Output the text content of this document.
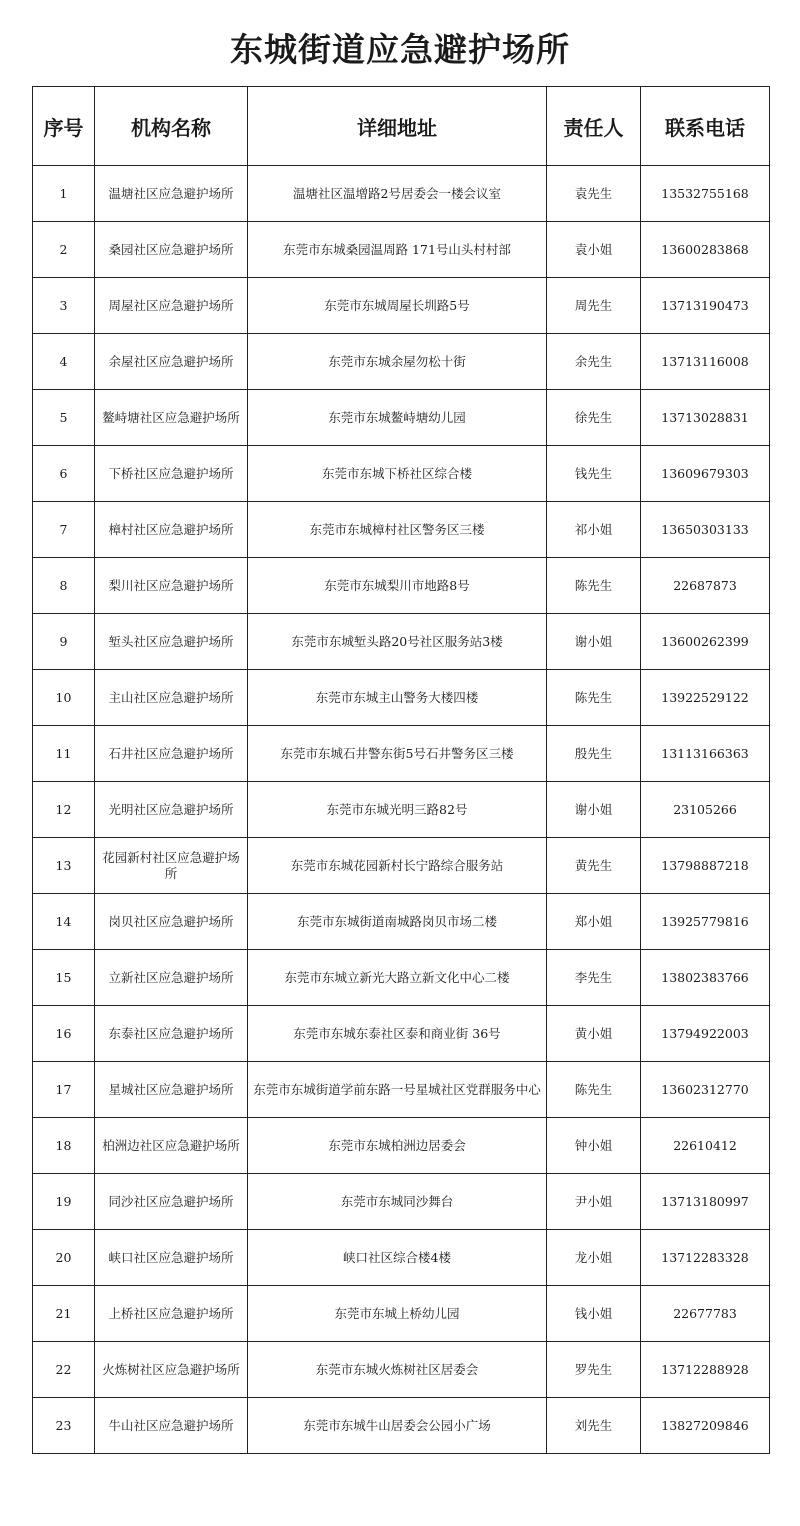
东城街道应急避护场所
序号	机构名称	详细地址	责任人	联系电话
1	温塘社区应急避护场所	温塘社区温增路2号居委会一楼会议室	袁先生	13532755168
2	桑园社区应急避护场所	东莞市东城桑园温周路 171号山头村村部	袁小姐	13600283868
3	周屋社区应急避护场所	东莞市东城周屋长圳路5号	周先生	13713190473
4	余屋社区应急避护场所	东莞市东城余屋勿松十街	余先生	13713116008
5	鳌峙塘社区应急避护场所	东莞市东城鳌峙塘幼儿园	徐先生	13713028831
6	下桥社区应急避护场所	东莞市东城下桥社区综合楼	钱先生	13609679303
7	樟村社区应急避护场所	东莞市东城樟村社区警务区三楼	祁小姐	13650303133
8	梨川社区应急避护场所	东莞市东城梨川市地路8号	陈先生	22687873
9	堑头社区应急避护场所	东莞市东城堑头路20号社区服务站3楼	谢小姐	13600262399
10	主山社区应急避护场所	东莞市东城主山警务大楼四楼	陈先生	13922529122
11	石井社区应急避护场所	东莞市东城石井警东街5号石井警务区三楼	殷先生	13113166363
12	光明社区应急避护场所	东莞市东城光明三路82号	谢小姐	23105266
13	花园新村社区应急避护场所	东莞市东城花园新村长宁路综合服务站	黄先生	13798887218
14	岗贝社区应急避护场所	东莞市东城街道南城路岗贝市场二楼	郑小姐	13925779816
15	立新社区应急避护场所	东莞市东城立新光大路立新文化中心二楼	李先生	13802383766
16	东泰社区应急避护场所	东莞市东城东泰社区泰和商业街 36号	黄小姐	13794922003
17	星城社区应急避护场所	东莞市东城街道学前东路一号星城社区党群服务中心	陈先生	13602312770
18	柏洲边社区应急避护场所	东莞市东城柏洲边居委会	钟小姐	22610412
19	同沙社区应急避护场所	东莞市东城同沙舞台	尹小姐	13713180997
20	峡口社区应急避护场所	峡口社区综合楼4楼	龙小姐	13712283328
21	上桥社区应急避护场所	东莞市东城上桥幼儿园	钱小姐	22677783
22	火炼树社区应急避护场所	东莞市东城火炼树社区居委会	罗先生	13712288928
23	牛山社区应急避护场所	东莞市东城牛山居委会公园小广场	刘先生	13827209846
